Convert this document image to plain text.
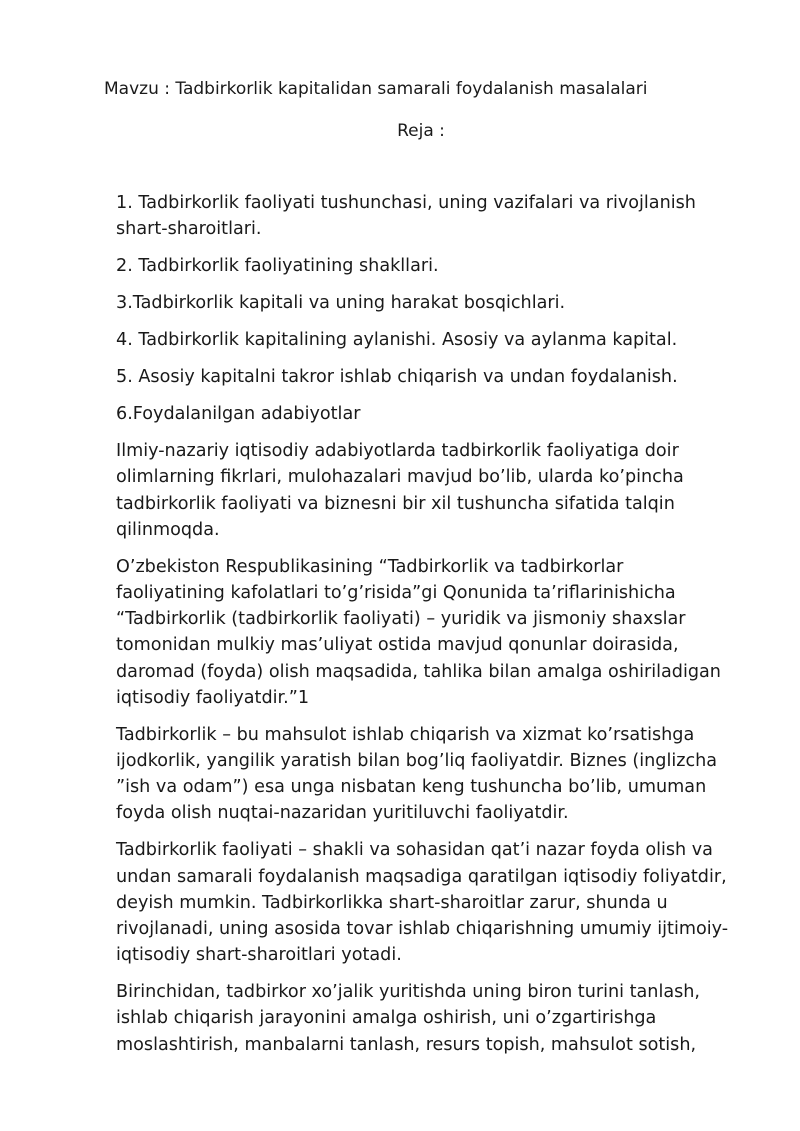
Mavzu : Tadbirkorlik kapitalidan samarali foydalanish masalalari
Reja :
1. Tadbirkorlik faoliyati tushunchasi, uning vazifalari va rivojlanish shart-sharoitlari.
2. Tadbirkorlik faoliyatining shakllari.
3.Tadbirkorlik kapitali va uning harakat bosqichlari.
4. Tadbirkorlik kapitalining aylanishi. Asosiy va aylanma kapital.
5. Asosiy kapitalni takror ishlab chiqarish va undan foydalanish.
6.Foydalanilgan adabiyotlar

Ilmiy-nazariy iqtisodiy adabiyotlarda tadbirkorlik faoliyatiga doir olimlarning fikrlari, mulohazalari mavjud bo’lib, ularda ko’pincha tadbirkorlik faoliyati va biznesni bir xil tushuncha sifatida talqin qilinmoqda.

O’zbekiston Respublikasining “Tadbirkorlik va tadbirkorlar faoliyatining kafolatlari to’g’risida”gi Qonunida ta’riflarinishicha “Tadbirkorlik (tadbirkorlik faoliyati) – yuridik va jismoniy shaxslar tomonidan mulkiy mas’uliyat ostida mavjud qonunlar doirasida, daromad (foyda) olish maqsadida, tahlika bilan amalga oshiriladigan iqtisodiy faoliyatdir.”1

Tadbirkorlik – bu mahsulot ishlab chiqarish va xizmat ko’rsatishga ijodkorlik, yangilik yaratish bilan bog’liq faoliyatdir. Biznes (inglizcha ”ish va odam”) esa unga nisbatan keng tushuncha bo’lib, umuman foyda olish nuqtai-nazaridan yuritiluvchi faoliyatdir.

Tadbirkorlik faoliyati – shakli va sohasidan qat’i nazar foyda olish va undan samarali foydalanish maqsadiga qaratilgan iqtisodiy foliyatdir, deyish mumkin. Tadbirkorlikka shart-sharoitlar zarur, shunda u rivojlanadi, uning asosida tovar ishlab chiqarishning umumiy ijtimoiy-iqtisodiy shart-sharoitlari yotadi.

Birinchidan, tadbirkor xo’jalik yuritishda uning biron turini tanlash, ishlab chiqarish jarayonini amalga oshirish, uni o’zgartirishga moslashtirish, manbalarni tanlash, resurs topish, mahsulot sotish,
